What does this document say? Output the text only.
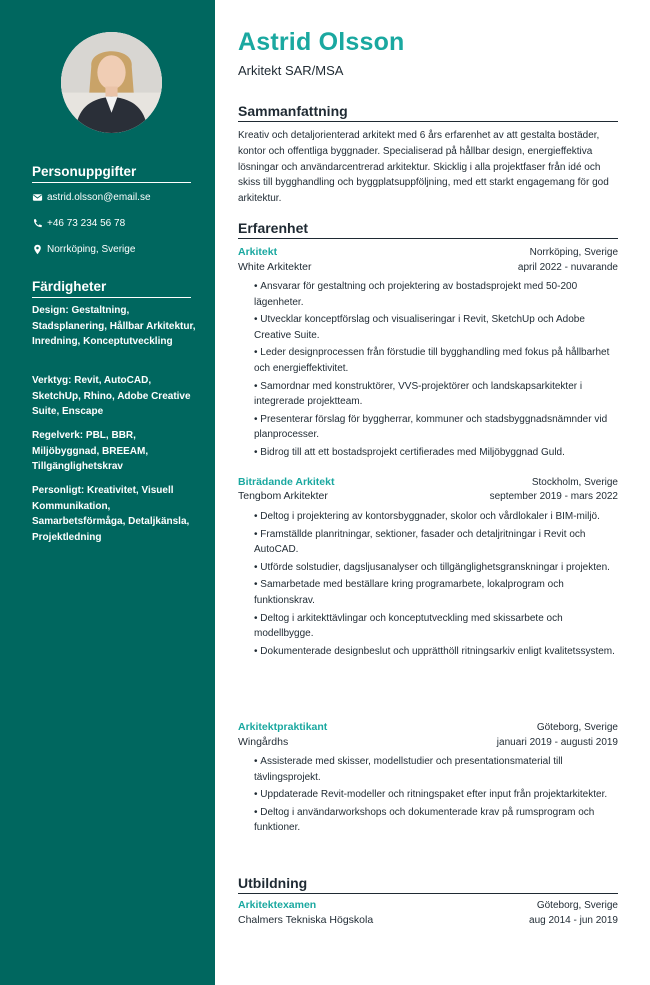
Personuppgifter
astrid.olsson@email.se
+46 73 234 56 78
Norrköping, Sverige
Färdigheter
Design: Gestaltning, Stadsplanering, Hållbar Arkitektur, Inredning, Konceptutveckling
Verktyg: Revit, AutoCAD, SketchUp, Rhino, Adobe Creative Suite, Enscape
Regelverk: PBL, BBR, Miljöbyggnad, BREEAM, Tillgänglighetskrav
Personligt: Kreativitet, Visuell Kommunikation, Samarbetsförmåga, Detaljkänsla, Projektledning
Astrid Olsson
Arkitekt SAR/MSA
Sammanfattning
Kreativ och detaljorienterad arkitekt med 6 års erfarenhet av att gestalta bostäder, kontor och offentliga byggnader. Specialiserad på hållbar design, energieffektiva lösningar och användarcentrerad arkitektur. Skicklig i alla projektfaser från idé och skiss till bygghandling och byggplatsuppföljning, med ett starkt engagemang för god arkitektur.
Erfarenhet
Arkitekt	Norrköping, Sverige
White Arkitekter	april 2022 - nuvarande
• Ansvarar för gestaltning och projektering av bostadsprojekt med 50-200 lägenheter.
• Utvecklar konceptförslag och visualiseringar i Revit, SketchUp och Adobe Creative Suite.
• Leder designprocessen från förstudie till bygghandling med fokus på hållbarhet och energieffektivitet.
• Samordnar med konstruktörer, VVS-projektörer och landskapsarkitekter i integrerade projektteam.
• Presenterar förslag för byggherrar, kommuner och stadsbyggnadsnämnder vid planprocesser.
• Bidrog till att ett bostadsprojekt certifierades med Miljöbyggnad Guld.
Biträdande Arkitekt	Stockholm, Sverige
Tengbom Arkitekter	september 2019 - mars 2022
• Deltog i projektering av kontorsbyggnader, skolor och vårdlokaler i BIM-miljö.
• Framställde planritningar, sektioner, fasader och detaljritningar i Revit och AutoCAD.
• Utförde solstudier, dagsljusanalyser och tillgänglighetsgranskningar i projekten.
• Samarbetade med beställare kring programarbete, lokalprogram och funktionskrav.
• Deltog i arkitekttävlingar och konceptutveckling med skissarbete och modellbygge.
• Dokumenterade designbeslut och upprätthöll ritningsarkiv enligt kvalitetssystem.
Arkitektpraktikant	Göteborg, Sverige
Wingårdhs	januari 2019 - augusti 2019
• Assisterade med skisser, modellstudier och presentationsmaterial till tävlingsprojekt.
• Uppdaterade Revit-modeller och ritningspaket efter input från projektarkitekter.
• Deltog i användarworkshops och dokumenterade krav på rumsprogram och funktioner.
Utbildning
Arkitektexamen	Göteborg, Sverige
Chalmers Tekniska Högskola	aug 2014 - jun 2019
